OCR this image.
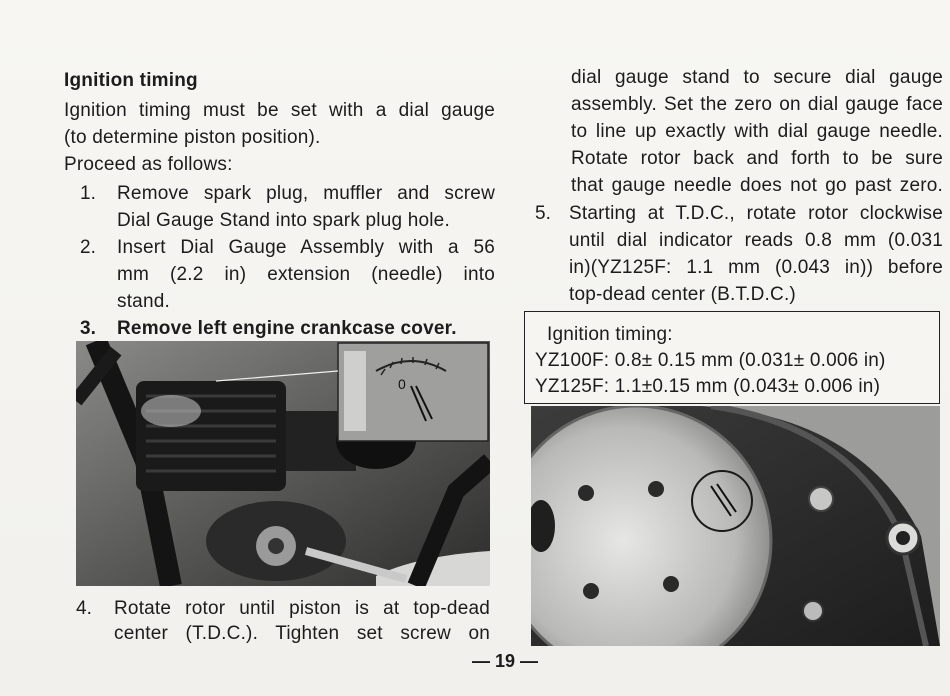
Ignition timing
Ignition timing must be set with a dial gauge
(to determine piston position).
Proceed as follows:
1. Remove spark plug, muffler and screw
Dial Gauge Stand into spark plug hole.
2. Insert Dial Gauge Assembly with a 56
mm (2.2 in) extension (needle) into
stand.
3. Remove left engine crankcase cover.
0
4. Rotate rotor until piston is at top-dead
center (T.D.C.). Tighten set screw on
dial gauge stand to secure dial gauge
assembly. Set the zero on dial gauge face
to line up exactly with dial gauge needle.
Rotate rotor back and forth to be sure
that gauge needle does not go past zero.
5. Starting at T.D.C., rotate rotor clockwise
until dial indicator reads 0.8 mm (0.031
in)(YZ125F: 1.1 mm (0.043 in)) before
top-dead center (B.T.D.C.)
Ignition timing:
YZ100F: 0.8± 0.15 mm (0.031± 0.006 in)
YZ125F: 1.1±0.15 mm (0.043± 0.006 in)
— 19 —
